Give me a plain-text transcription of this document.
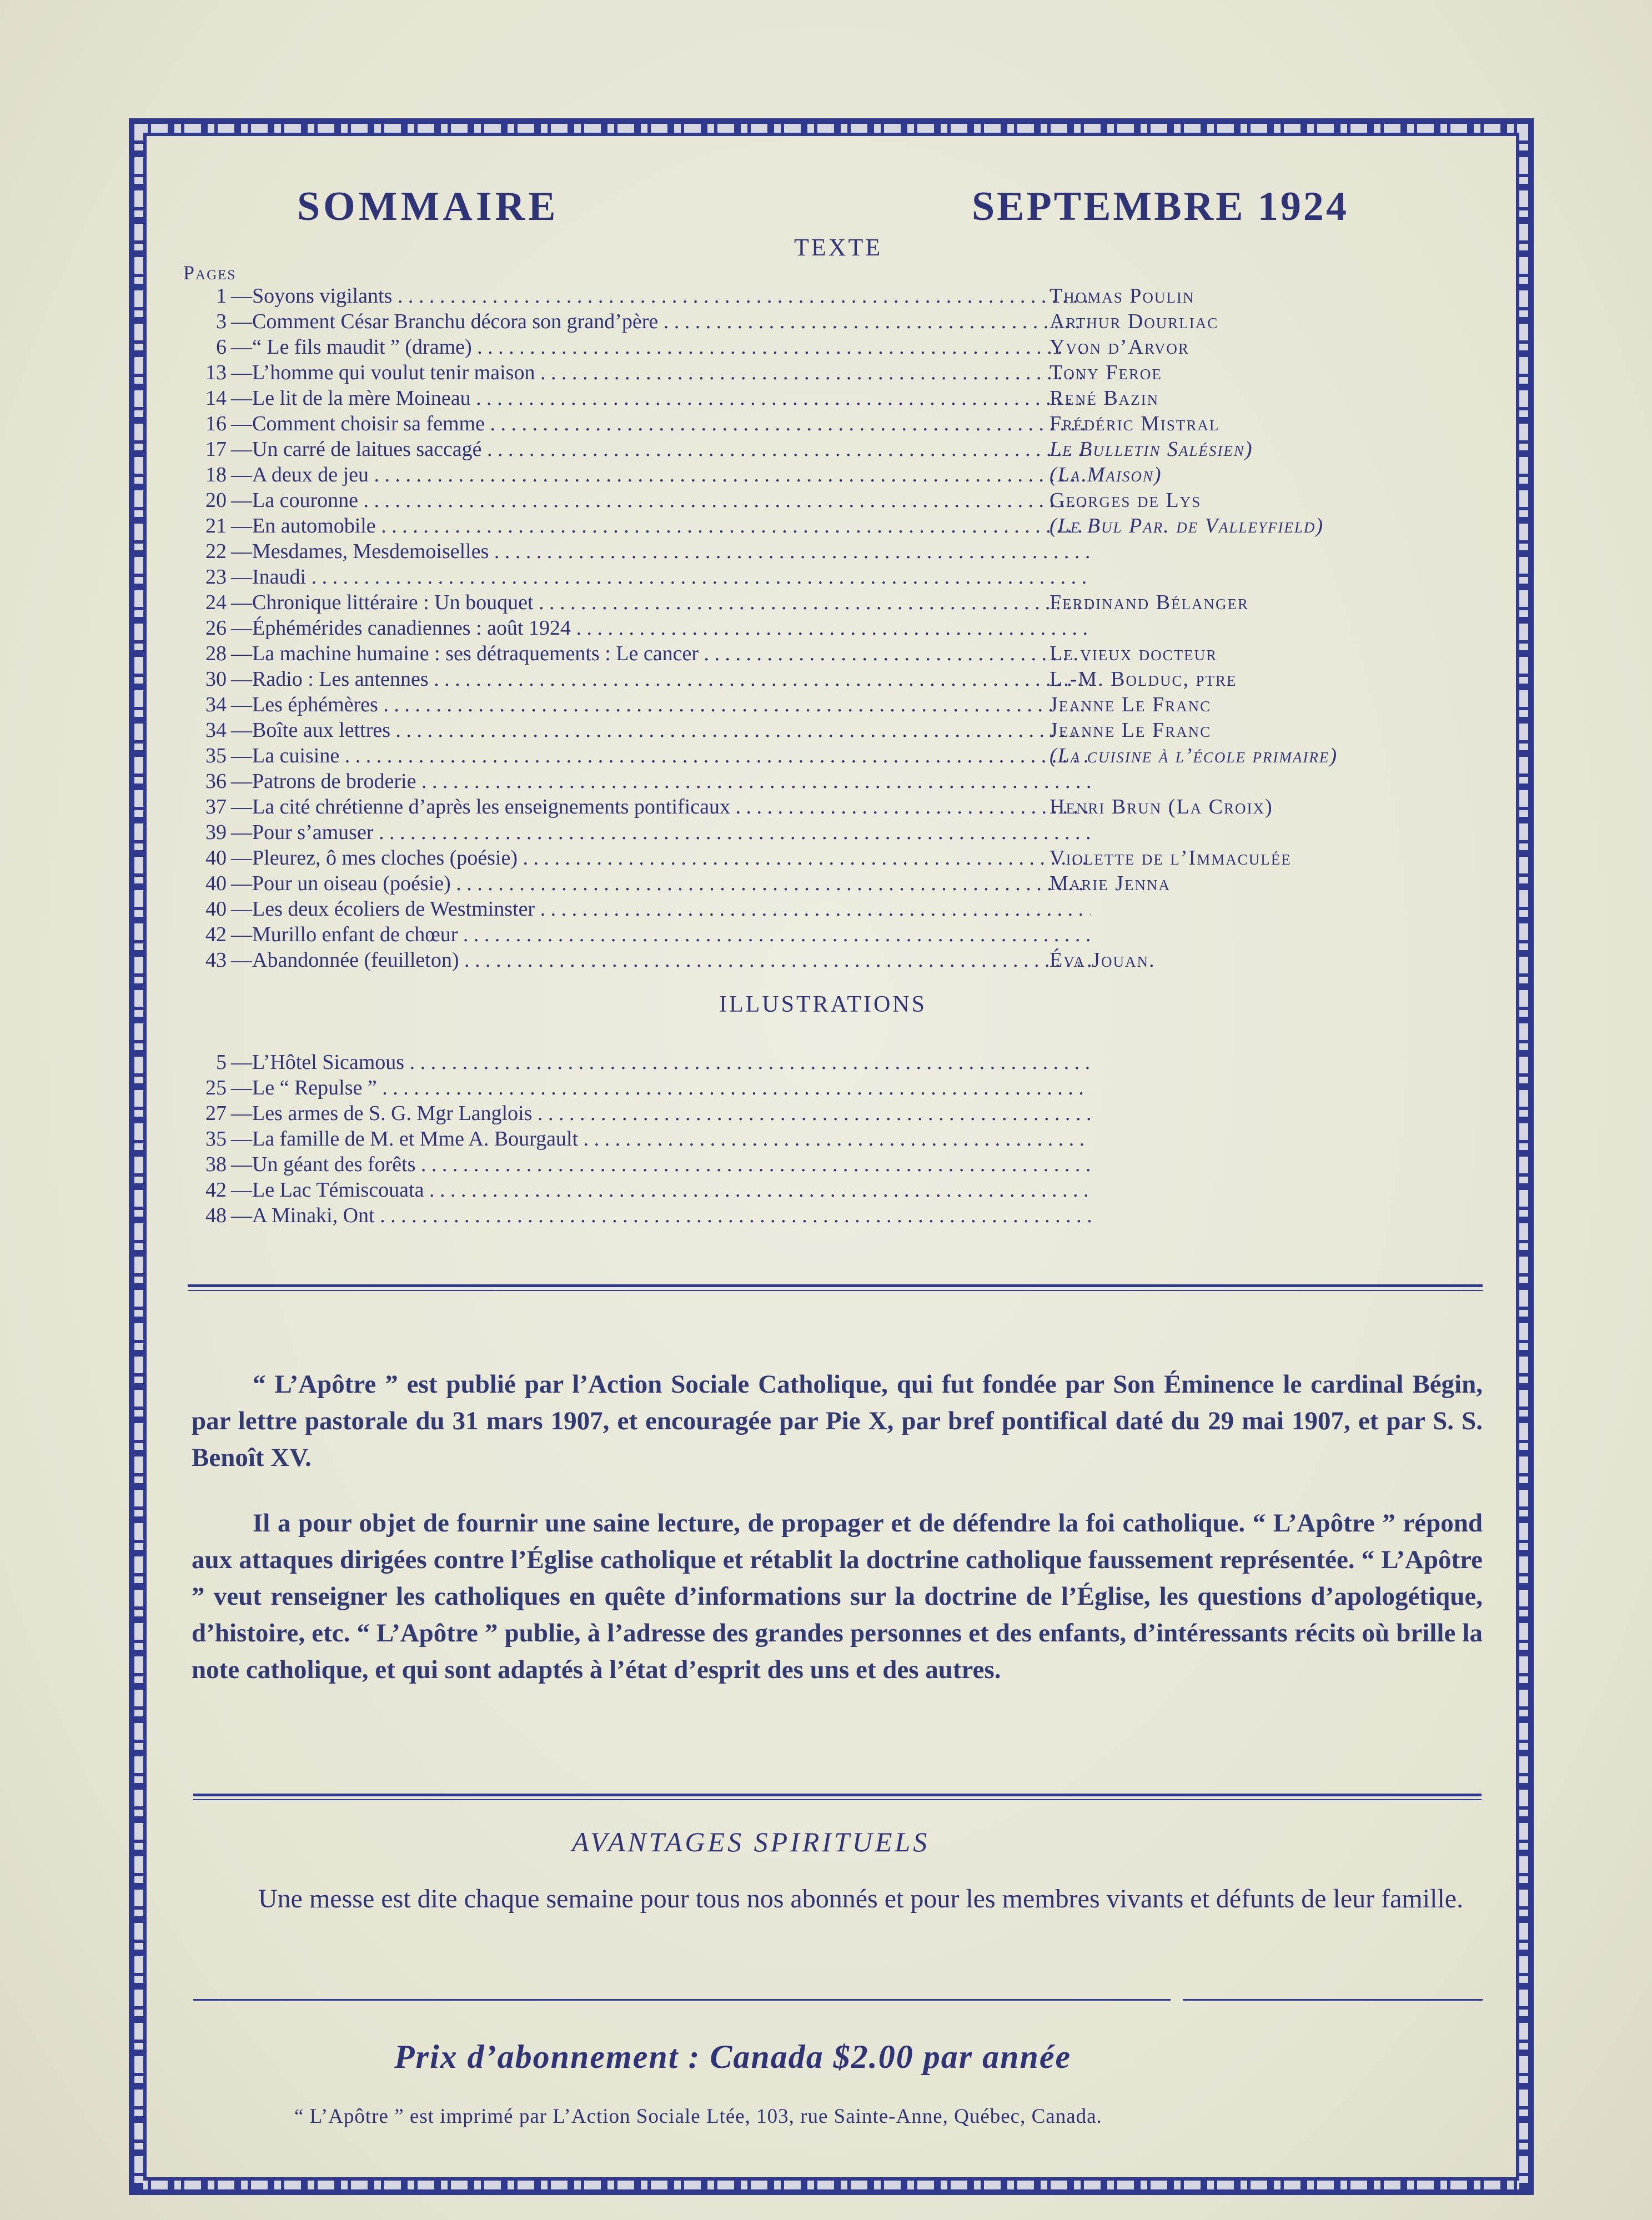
SOMMAIRE	SEPTEMBRE 1924
TEXTE
Pages
1 — Soyons vigilants . . .	Thomas Poulin
3 — Comment César Branchu décora son grand’père . . .	Arthur Dourliac
6 — “ Le fils maudit ” (drame) . . .	Yvon d’Arvor
13 — L’homme qui voulut tenir maison . . .	Tony Feroe
14 — Le lit de la mère Moineau . . .	René Bazin
16 — Comment choisir sa femme . . .	Frédéric Mistral
17 — Un carré de laitues saccagé . . .	Le Bulletin Salésien)
18 — A deux de jeu . . .	(La Maison)
20 — La couronne . . .	Georges de Lys
21 — En automobile . . .	(Le Bul Par. de Valleyfield)
22 — Mesdames, Mesdemoiselles . . .
23 — Inaudi . . .
24 — Chronique littéraire : Un bouquet . . .	Ferdinand Bélanger
26 — Éphémérides canadiennes : août 1924 . . .
28 — La machine humaine : ses détraquements : Le cancer . . .	Le vieux docteur
30 — Radio : Les antennes . . .	L.-M. Bolduc, ptre
34 — Les éphémères . . .	Jeanne Le Franc
34 — Boîte aux lettres . . .	Jeanne Le Franc
35 — La cuisine . . .	(La cuisine à l’école primaire)
36 — Patrons de broderie . . .
37 — La cité chrétienne d’après les enseignements pontificaux . . .	Henri Brun (La Croix)
39 — Pour s’amuser . . .
40 — Pleurez, ô mes cloches (poésie) . . .	Violette de l’Immaculée
40 — Pour un oiseau (poésie) . . .	Marie Jenna
40 — Les deux écoliers de Westminster . . .
42 — Murillo enfant de chœur . . .
43 — Abandonnée (feuilleton) . . .	Éva Jouan.
ILLUSTRATIONS
5 — L’Hôtel Sicamous . . .
25 — Le “ Repulse ” . . .
27 — Les armes de S. G. Mgr Langlois . . .
35 — La famille de M. et Mme A. Bourgault . . .
38 — Un géant des forêts . . .
42 — Le Lac Témiscouata . . .
48 — A Minaki, Ont . . .
“ L’Apôtre ” est publié par l’Action Sociale Catholique, qui fut fondée par Son Éminence le cardinal Bégin, par lettre pastorale du 31 mars 1907, et encouragée par Pie X, par bref pontifical daté du 29 mai 1907, et par S. S. Benoît XV.
Il a pour objet de fournir une saine lecture, de propager et de défendre la foi catholique. “ L’Apôtre ” répond aux attaques dirigées contre l’Église catholique et rétablit la doctrine catholique faussement représentée. “ L’Apôtre ” veut renseigner les catholiques en quête d’informations sur la doctrine de l’Église, les questions d’apologétique, d’histoire, etc. “ L’Apôtre ” publie, à l’adresse des grandes personnes et des enfants, d’intéressants récits où brille la note catholique, et qui sont adaptés à l’état d’esprit des uns et des autres.
AVANTAGES SPIRITUELS
Une messe est dite chaque semaine pour tous nos abonnés et pour les membres vivants et défunts de leur famille.
Prix d’abonnement : Canada $2.00 par année
“ L’Apôtre ” est imprimé par L’Action Sociale Ltée, 103, rue Sainte-Anne, Québec, Canada.
